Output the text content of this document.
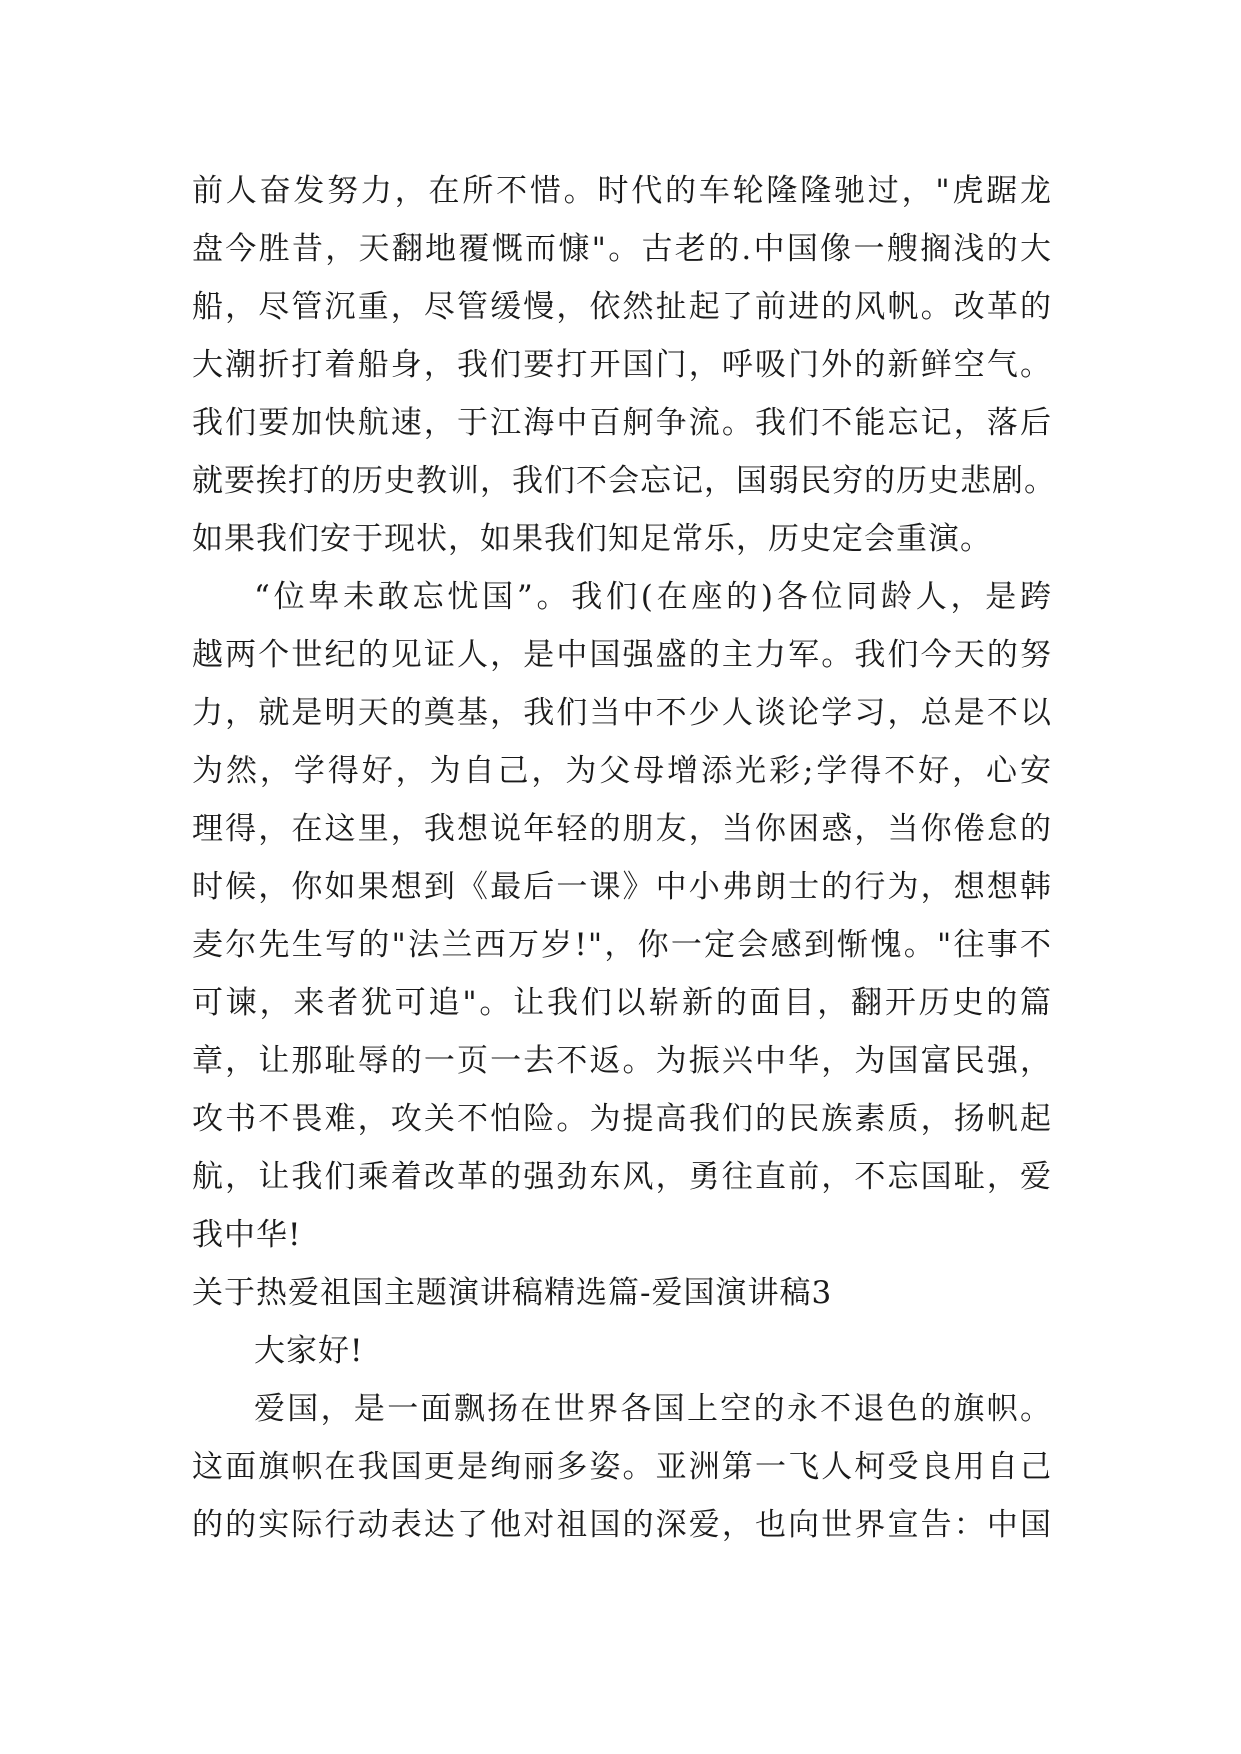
前人奋发努力，在所不惜。时代的车轮隆隆驰过，"虎踞龙
盘今胜昔，天翻地覆慨而慷"。古老的.中国像一艘搁浅的大
船，尽管沉重，尽管缓慢，依然扯起了前进的风帆。改革的
大潮折打着船身，我们要打开国门，呼吸门外的新鲜空气。
我们要加快航速，于江海中百舸争流。我们不能忘记，落后
就要挨打的历史教训，我们不会忘记，国弱民穷的历史悲剧。
如果我们安于现状，如果我们知足常乐，历史定会重演。
“位卑未敢忘忧国”。我们(在座的)各位同龄人，是跨
越两个世纪的见证人，是中国强盛的主力军。我们今天的努
力，就是明天的奠基，我们当中不少人谈论学习，总是不以
为然，学得好，为自己，为父母增添光彩;学得不好，心安
理得，在这里，我想说年轻的朋友，当你困惑，当你倦怠的
时候，你如果想到《最后一课》中小弗朗士的行为，想想韩
麦尔先生写的"法兰西万岁!"，你一定会感到惭愧。"往事不
可谏，来者犹可追"。让我们以崭新的面目，翻开历史的篇
章，让那耻辱的一页一去不返。为振兴中华，为国富民强，
攻书不畏难，攻关不怕险。为提高我们的民族素质，扬帆起
航，让我们乘着改革的强劲东风，勇往直前，不忘国耻，爱
我中华!
关于热爱祖国主题演讲稿精选篇-爱国演讲稿3
大家好!
爱国，是一面飘扬在世界各国上空的永不退色的旗帜。
这面旗帜在我国更是绚丽多姿。亚洲第一飞人柯受良用自己
的的实际行动表达了他对祖国的深爱，也向世界宣告：中国
